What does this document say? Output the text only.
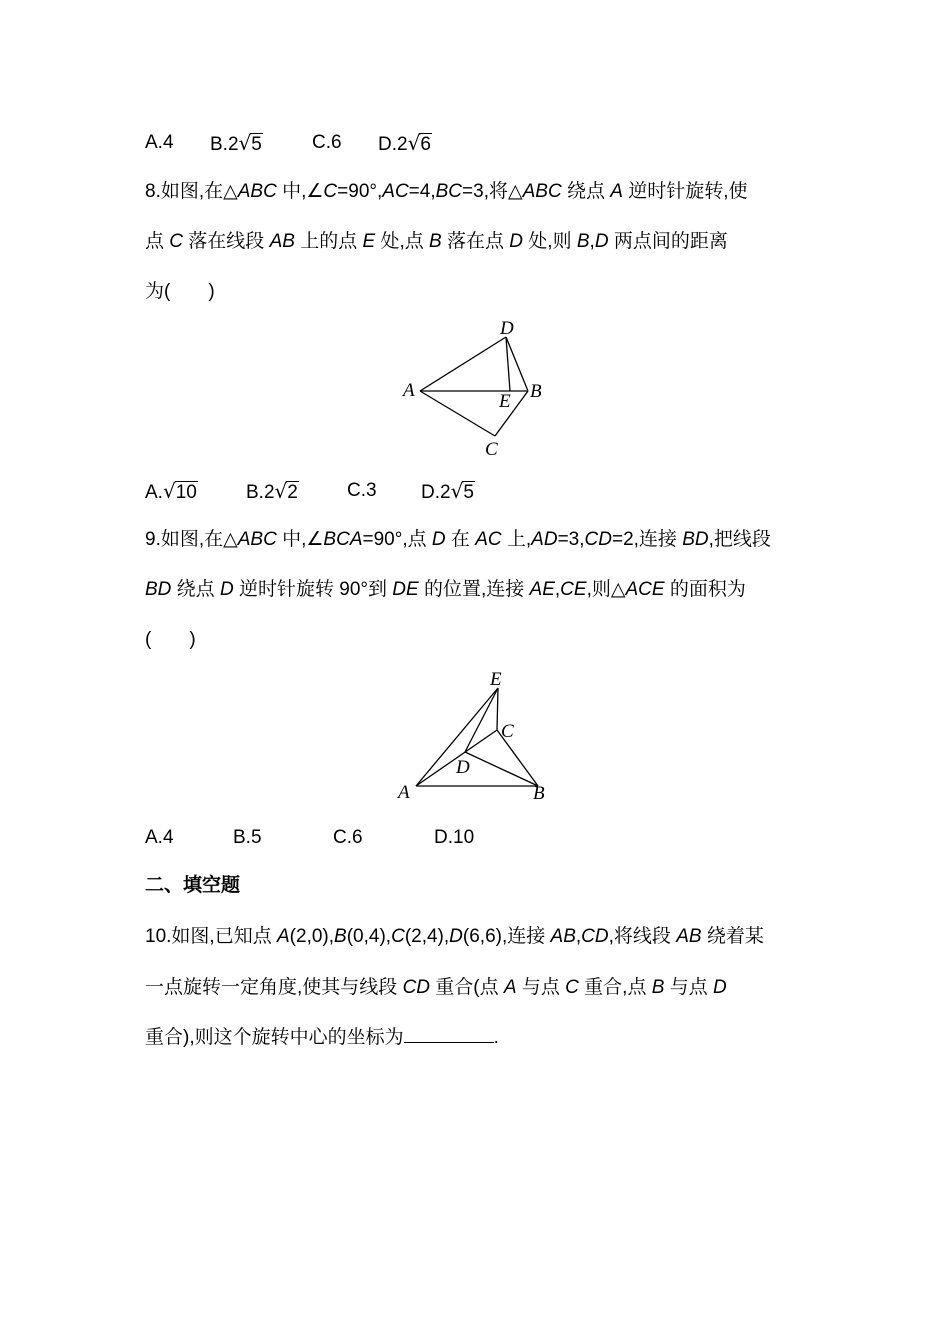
A.4 B.2√5	C.6 D.2√6
8.如图,在△ABC 中,∠C=90°,AC=4,BC=3,将△ABC 绕点 A 逆时针旋转,使
点 C 落在线段 AB 上的点 E 处,点 B 落在点 D 处,则 B,D 两点间的距离
为(　　)
D
A	B
E
C
A.√10	B.2√2	C.3 D.2√5
9.如图,在△ABC 中,∠BCA=90°,点 D 在 AC 上,AD=3,CD=2,连接 BD,把线段
BD 绕点 D 逆时针旋转 90°到 DE 的位置,连接 AE,CE,则△ACE 的面积为
(　　)
E
C
D
A	B
A.4	B.5	C.6	D.10
二、填空题
10.如图,已知点 A(2,0),B(0,4),C(2,4),D(6,6),连接 AB,CD,将线段 AB 绕着某
一点旋转一定角度,使其与线段 CD 重合(点 A 与点 C 重合,点 B 与点 D
重合),则这个旋转中心的坐标为	.
